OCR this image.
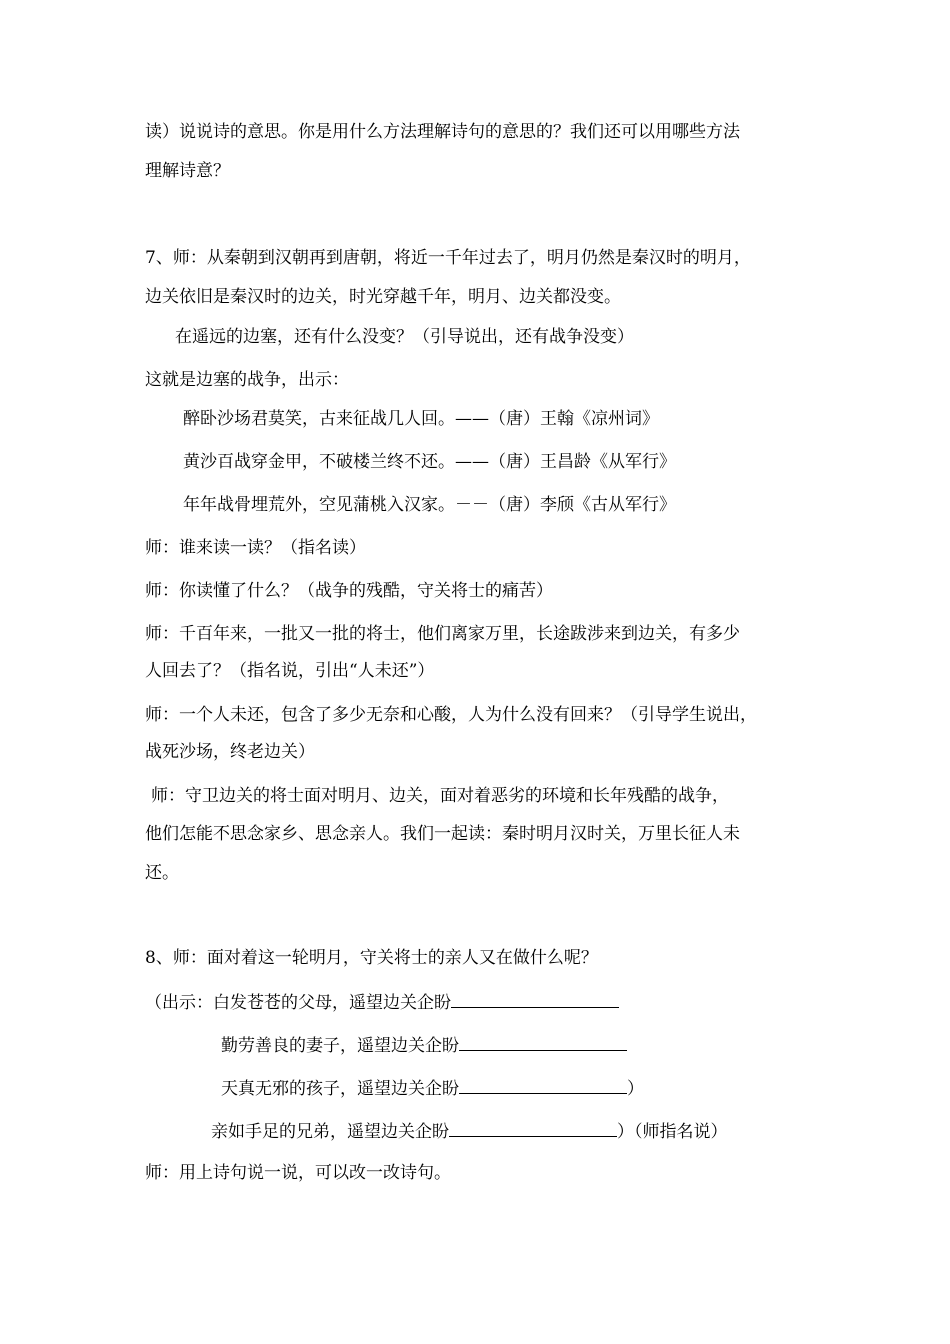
读）说说诗的意思。你是用什么方法理解诗句的意思的？我们还可以用哪些方法
理解诗意？
7、师：从秦朝到汉朝再到唐朝，将近一千年过去了，明月仍然是秦汉时的明月，
边关依旧是秦汉时的边关，时光穿越千年，明月、边关都没变。
在遥远的边塞，还有什么没变？（引导说出，还有战争没变）
这就是边塞的战争，出示：
醉卧沙场君莫笑，古来征战几人回。——（唐）王翰《凉州词》
黄沙百战穿金甲，不破楼兰终不还。——（唐）王昌龄《从军行》
年年战骨埋荒外，空见蒲桃入汉家。－－（唐）李颀《古从军行》
师：谁来读一读？（指名读）
师：你读懂了什么？（战争的残酷，守关将士的痛苦）
师：千百年来，一批又一批的将士，他们离家万里，长途跋涉来到边关，有多少
人回去了？（指名说，引出“人未还”）
师：一个人未还，包含了多少无奈和心酸，人为什么没有回来？（引导学生说出，
战死沙场，终老边关）
师：守卫边关的将士面对明月、边关，面对着恶劣的环境和长年残酷的战争，
他们怎能不思念家乡、思念亲人。我们一起读：秦时明月汉时关，万里长征人未
还。
8、师：面对着这一轮明月，守关将士的亲人又在做什么呢？
（出示：白发苍苍的父母，遥望边关企盼
勤劳善良的妻子，遥望边关企盼
天真无邪的孩子，遥望边关企盼	）
亲如手足的兄弟，遥望边关企盼	）（师指名说）
师：用上诗句说一说，可以改一改诗句。
